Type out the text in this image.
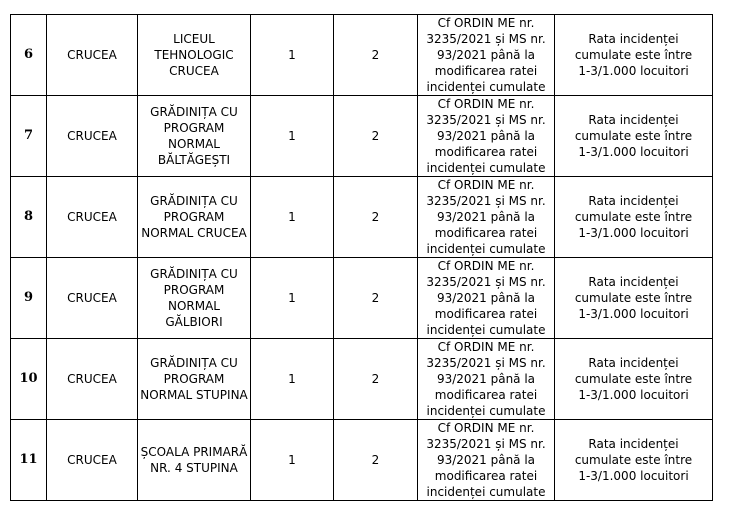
6	CRUCEA	LICEUL
TEHNOLOGIC
CRUCEA	1	2	Cf ORDIN ME nr.
3235/2021 și MS nr.
93/2021 până la
modificarea ratei
incidenței cumulate	Rata incidenței
cumulate este între
1-3/1.000 locuitori

7	CRUCEA	GRĂDINIȚA CU
PROGRAM
NORMAL
BĂLTĂGEȘTI	1	2	Cf ORDIN ME nr.
3235/2021 și MS nr.
93/2021 până la
modificarea ratei
incidenței cumulate	Rata incidenței
cumulate este între
1-3/1.000 locuitori

8	CRUCEA	GRĂDINIȚA CU
PROGRAM
NORMAL CRUCEA	1	2	Cf ORDIN ME nr.
3235/2021 și MS nr.
93/2021 până la
modificarea ratei
incidenței cumulate	Rata incidenței
cumulate este între
1-3/1.000 locuitori

9	CRUCEA	GRĂDINIȚA CU
PROGRAM
NORMAL
GĂLBIORI	1	2	Cf ORDIN ME nr.
3235/2021 și MS nr.
93/2021 până la
modificarea ratei
incidenței cumulate	Rata incidenței
cumulate este între
1-3/1.000 locuitori

10	CRUCEA	GRĂDINIȚA CU
PROGRAM
NORMAL STUPINA	1	2	Cf ORDIN ME nr.
3235/2021 și MS nr.
93/2021 până la
modificarea ratei
incidenței cumulate	Rata incidenței
cumulate este între
1-3/1.000 locuitori

11	CRUCEA	ȘCOALA PRIMARĂ
NR. 4 STUPINA	1	2	Cf ORDIN ME nr.
3235/2021 și MS nr.
93/2021 până la
modificarea ratei
incidenței cumulate	Rata incidenței
cumulate este între
1-3/1.000 locuitori
